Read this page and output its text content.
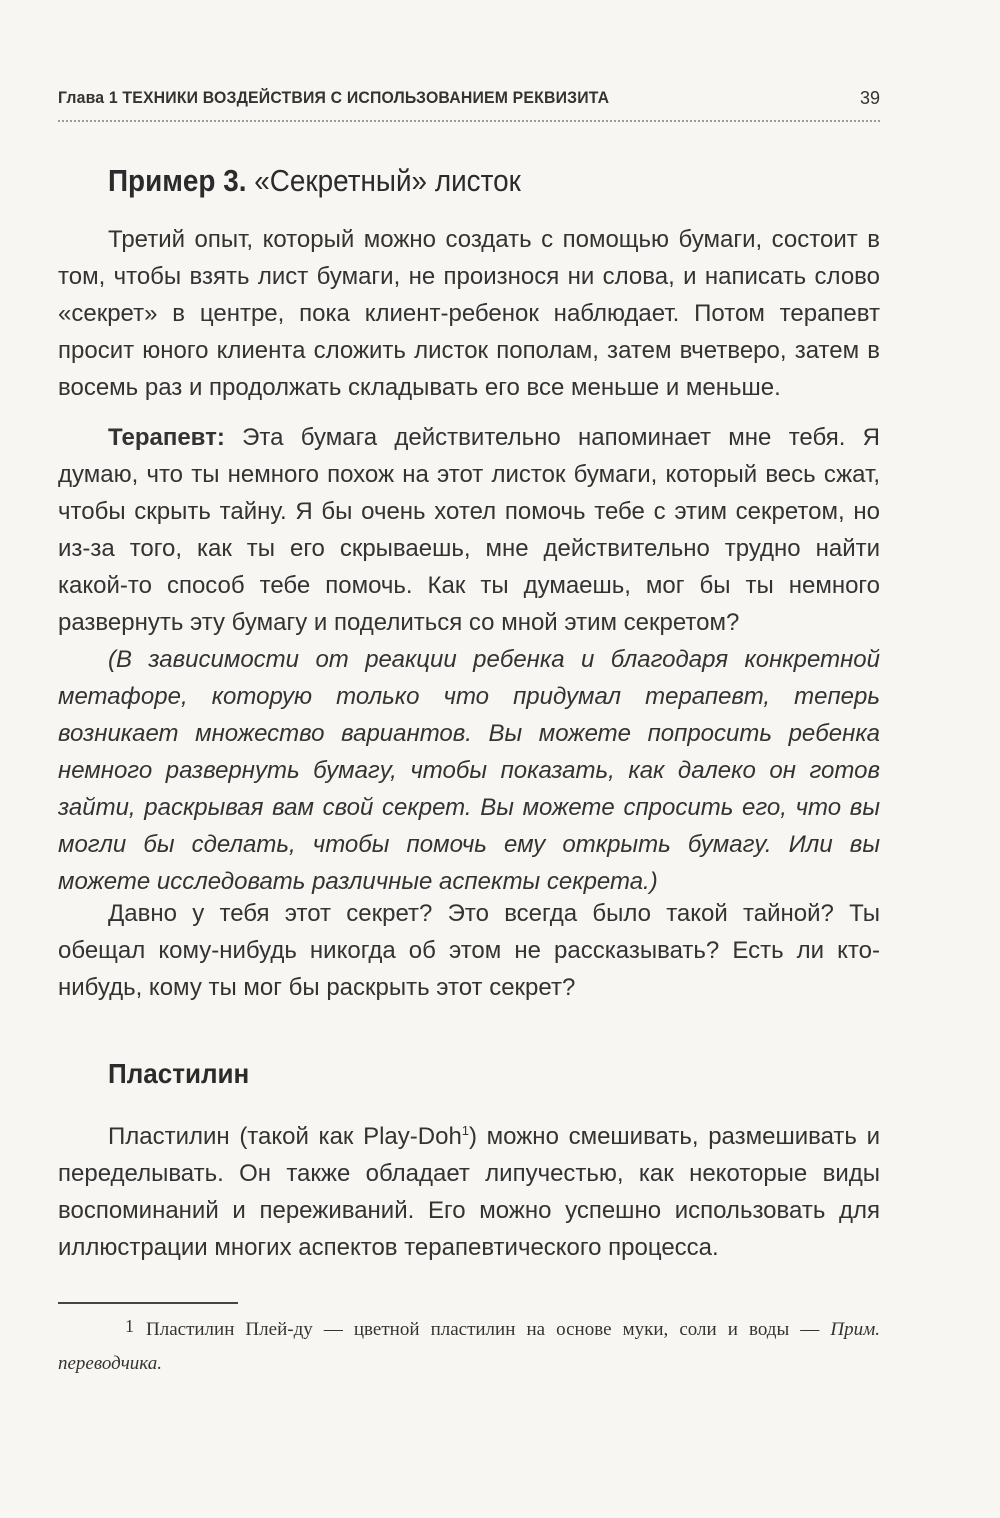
Глава 1 ТЕХНИКИ ВОЗДЕЙСТВИЯ С ИСПОЛЬЗОВАНИЕМ РЕКВИЗИТА	39
Пример 3. «Секретный» листок
Третий опыт, который можно создать с помощью бумаги, состоит в том, чтобы взять лист бумаги, не произнося ни слова, и написать слово «секрет» в центре, пока клиент-ребенок наблюдает. Потом терапевт просит юного клиента сложить листок пополам, затем вчетверо, затем в восемь раз и продолжать складывать его все меньше и меньше.
Терапевт: Эта бумага действительно напоминает мне тебя. Я думаю, что ты немного похож на этот листок бумаги, который весь сжат, чтобы скрыть тайну. Я бы очень хотел помочь тебе с этим секретом, но из-за того, как ты его скрываешь, мне действительно трудно найти какой-то способ тебе помочь. Как ты думаешь, мог бы ты немного развернуть эту бумагу и поделиться со мной этим секретом?
(В зависимости от реакции ребенка и благодаря конкретной метафоре, которую только что придумал терапевт, теперь возникает множество вариантов. Вы можете попросить ребенка немного развернуть бумагу, чтобы показать, как далеко он готов зайти, раскрывая вам свой секрет. Вы можете спросить его, что вы могли бы сделать, чтобы помочь ему открыть бумагу. Или вы можете исследовать различные аспекты секрета.)
Давно у тебя этот секрет? Это всегда было такой тайной? Ты обещал кому-нибудь никогда об этом не рассказывать? Есть ли кто-нибудь, кому ты мог бы раскрыть этот секрет?
Пластилин
Пластилин (такой как Play-Doh$^1$) можно смешивать, размешивать и переделывать. Он также обладает липучестью, как некоторые виды воспоминаний и переживаний. Его можно успешно использовать для иллюстрации многих аспектов терапевтического процесса.
1 Пластилин Плей-ду — цветной пластилин на основе муки, соли и воды — Прим. переводчика.
